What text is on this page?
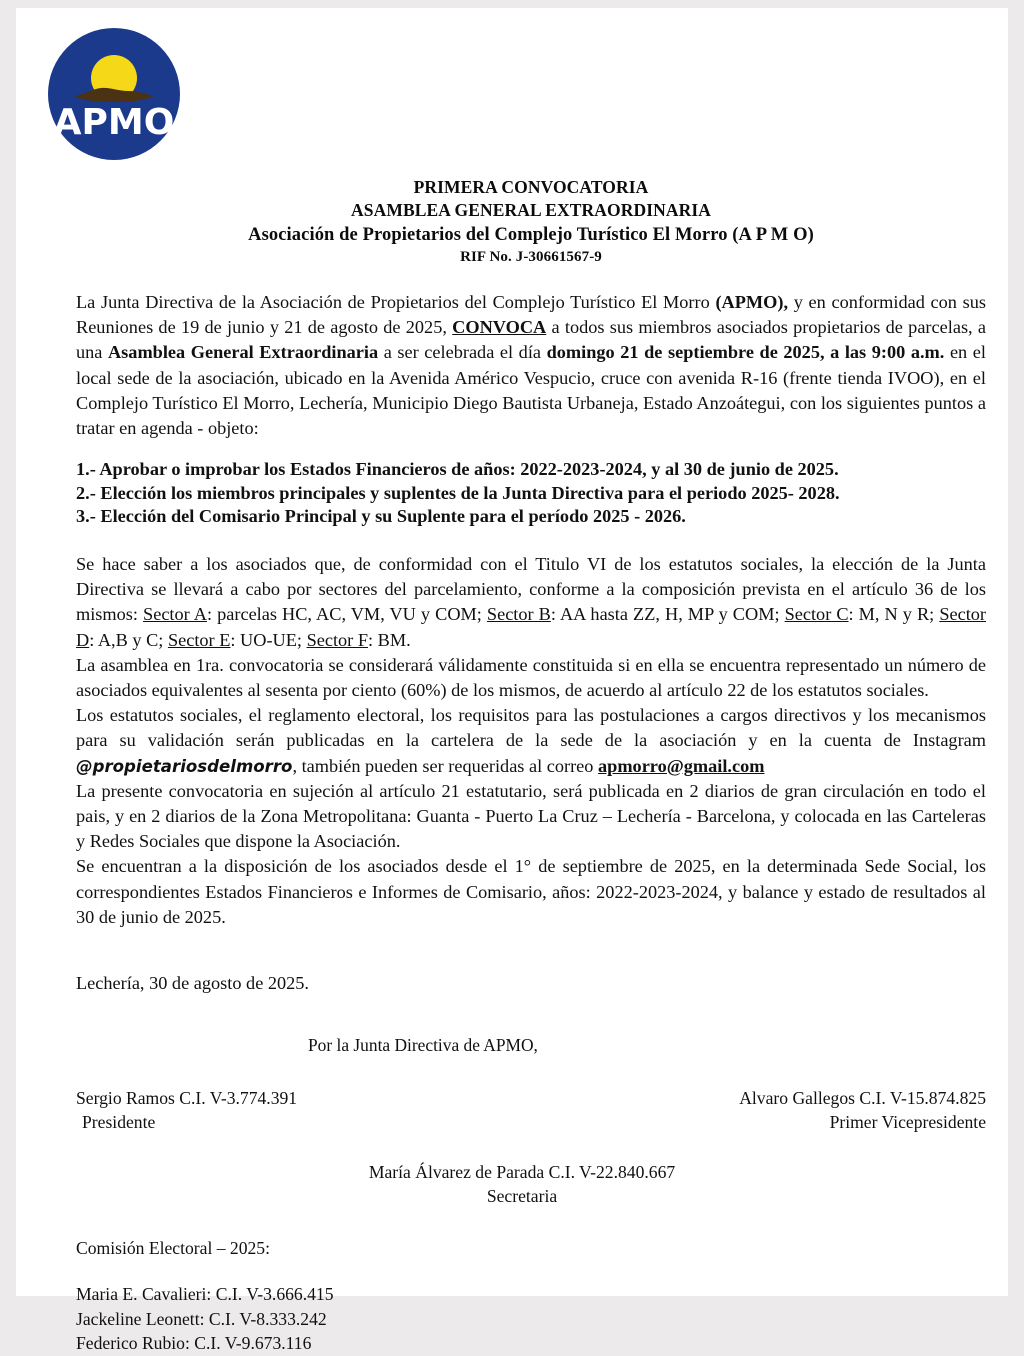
APMO
PRIMERA CONVOCATORIA
ASAMBLEA GENERAL EXTRAORDINARIA
Asociación de Propietarios del Complejo Turístico El Morro (A P M O)
RIF No. J-30661567-9

La Junta Directiva de la Asociación de Propietarios del Complejo Turístico El Morro (APMO), y en conformidad con sus Reuniones de 19 de junio y 21 de agosto de 2025, CONVOCA a todos sus miembros asociados propietarios de parcelas, a una Asamblea General Extraordinaria a ser celebrada el día domingo 21 de septiembre de 2025, a las 9:00 a.m. en el local sede de la asociación, ubicado en la Avenida Américo Vespucio, cruce con avenida R-16 (frente tienda IVOO), en el Complejo Turístico El Morro, Lechería, Municipio Diego Bautista Urbaneja, Estado Anzoátegui, con los siguientes puntos a tratar en agenda - objeto:

1.- Aprobar o improbar los Estados Financieros de años: 2022-2023-2024, y al 30 de junio de 2025.

2.- Elección los miembros principales y suplentes de la Junta Directiva para el periodo 2025- 2028.

3.- Elección del Comisario Principal y su Suplente para el período 2025 - 2026.

Se hace saber a los asociados que, de conformidad con el Titulo VI de los estatutos sociales, la elección de la Junta Directiva se llevará a cabo por sectores del parcelamiento, conforme a la composición prevista en el artículo 36 de los mismos: Sector A: parcelas HC, AC, VM, VU y COM; Sector B: AA hasta ZZ, H, MP y COM; Sector C: M, N y R; Sector D: A,B y C; Sector E: UO-UE; Sector F: BM.

La asamblea en 1ra. convocatoria se considerará válidamente constituida si en ella se encuentra representado un número de asociados equivalentes al sesenta por ciento (60%) de los mismos, de acuerdo al artículo 22 de los estatutos sociales.

Los estatutos sociales, el reglamento electoral, los requisitos para las postulaciones a cargos directivos y los mecanismos para su validación serán publicadas en la cartelera de la sede de la asociación y en la cuenta de Instagram @propietariosdelmorro, también pueden ser requeridas al correo apmorro@gmail.com

La presente convocatoria en sujeción al artículo 21 estatutario, será publicada en 2 diarios de gran circulación en todo el pais, y en 2 diarios de la Zona Metropolitana: Guanta - Puerto La Cruz – Lechería - Barcelona, y colocada en las Carteleras y Redes Sociales que dispone la Asociación.

Se encuentran a la disposición de los asociados desde el 1° de septiembre de 2025, en la determinada Sede Social, los correspondientes Estados Financieros e Informes de Comisario, años: 2022-2023-2024, y balance y estado de resultados al 30 de junio de 2025.

Lechería, 30 de agosto de 2025.

Por la Junta Directiva de APMO,

Sergio Ramos C.I. V-3.774.391
Presidente
Alvaro Gallegos C.I. V-15.874.825
Primer Vicepresidente
María Álvarez de Parada C.I. V-22.840.667
Secretaria

Comisión Electoral – 2025:

Maria E. Cavalieri: C.I. V-3.666.415
Jackeline Leonett: C.I. V-8.333.242
Federico Rubio: C.I. V-9.673.116
